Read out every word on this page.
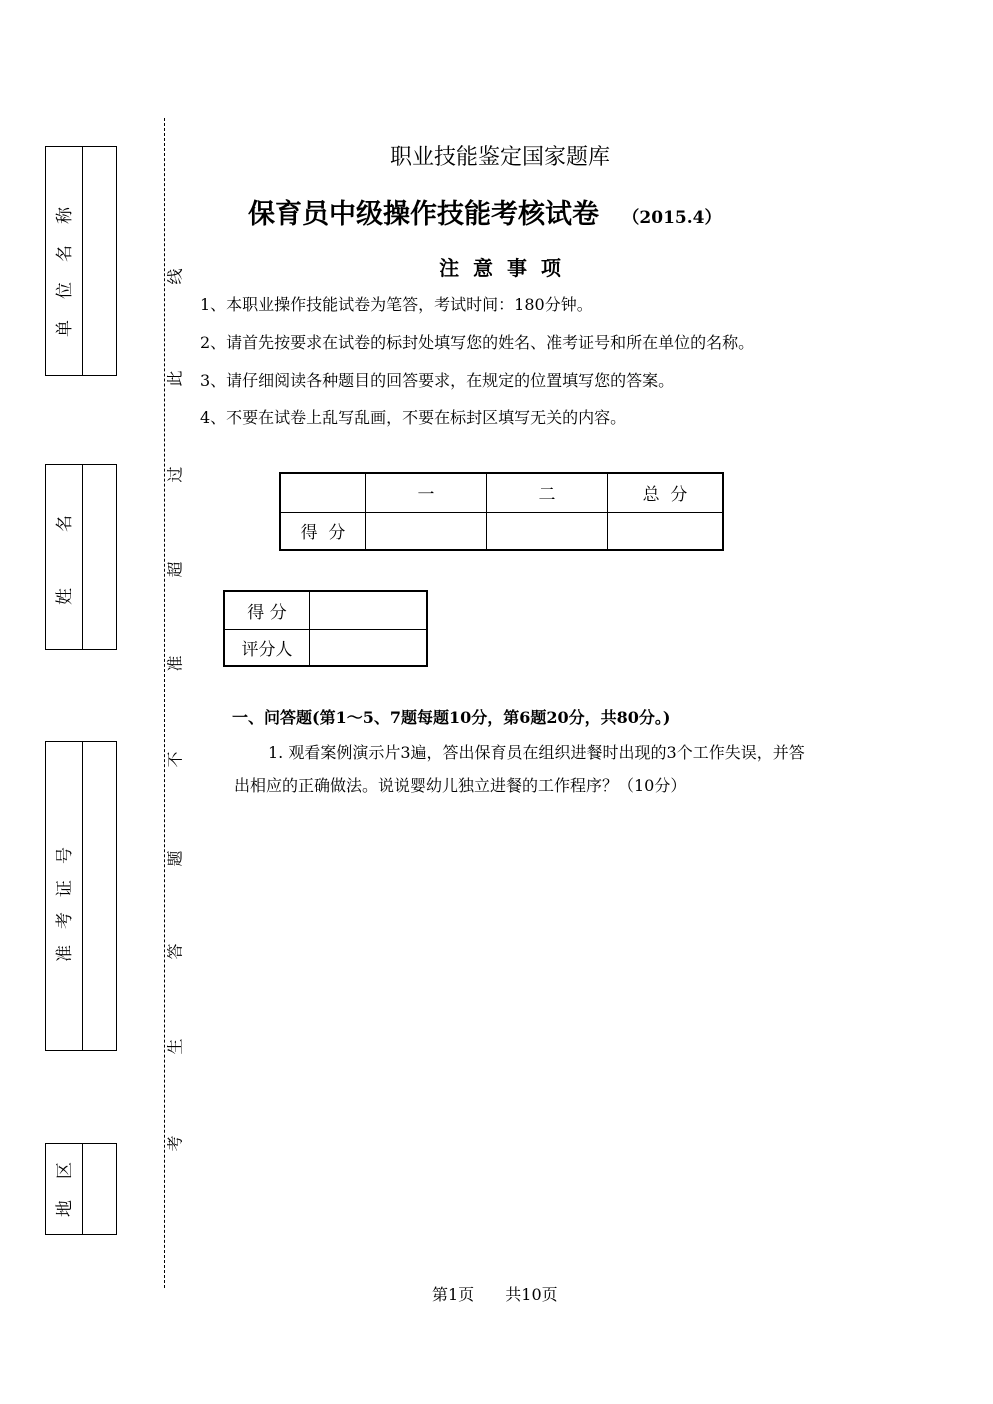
称
名
位
单
名
姓
号
证
考
准
区
地
线
此
过
超
准
不
题
答
生
考
职业技能鉴定国家题库
保育员中级操作技能考核试卷 （2015.4）
注  意  事  项
1、本职业操作技能试卷为笔答，考试时间：180分钟。
2、请首先按要求在试卷的标封处填写您的姓名、准考证号和所在单位的名称。
3、请仔细阅读各种题目的回答要求，在规定的位置填写您的答案。
4、不要在试卷上乱写乱画，不要在标封区填写无关的内容。
	一	二	总  分
得  分			
得 分	
评分人	
一、问答题(第1～5、7题每题10分，第6题20分，共80分。)
1. 观看案例演示片3遍，答出保育员在组织进餐时出现的3个工作失误，并答
出相应的正确做法。说说婴幼儿独立进餐的工作程序？（10分）
第1页 共10页
